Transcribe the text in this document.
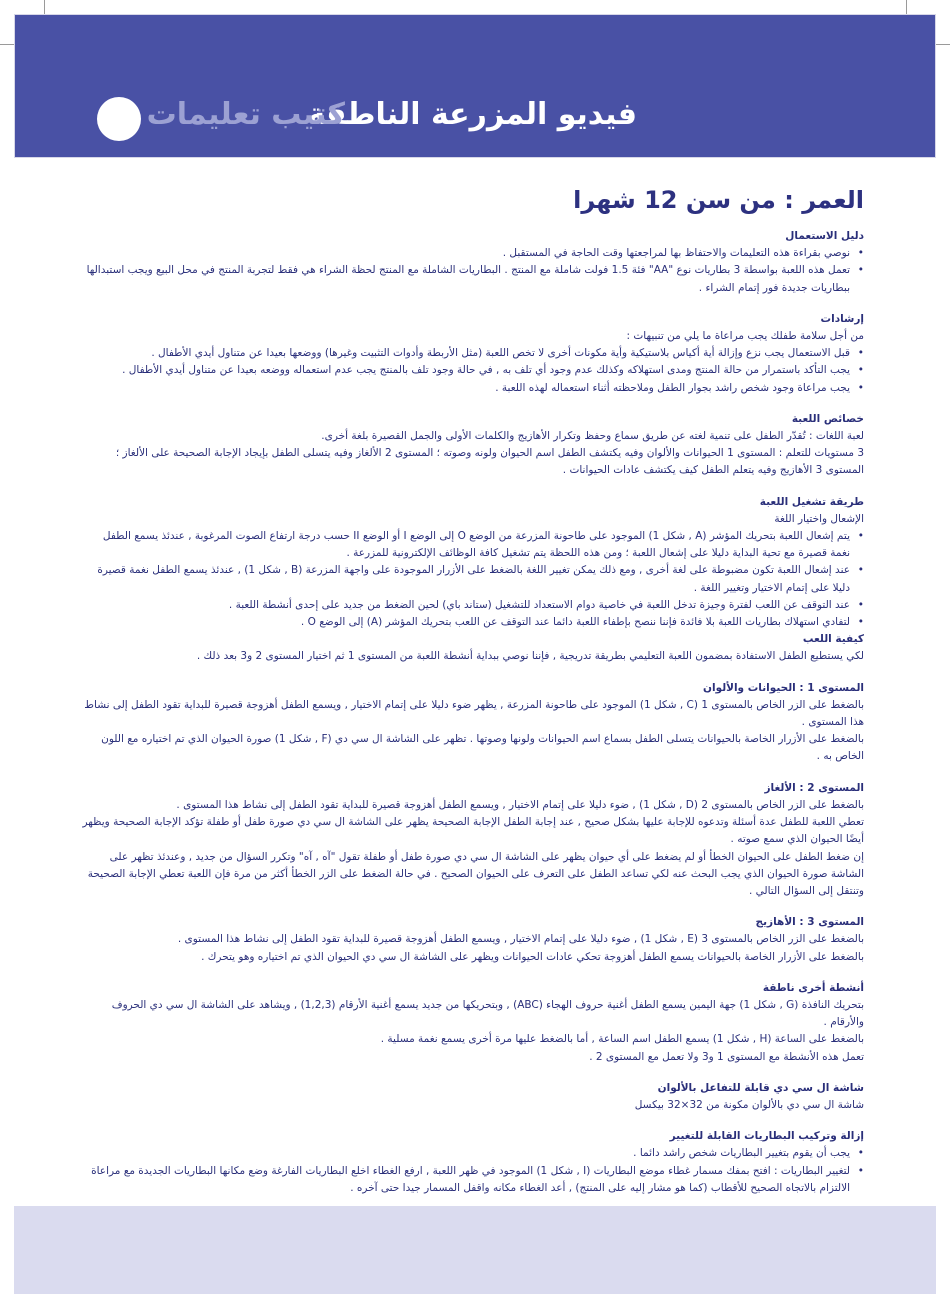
فيديو المزرعة الناطقة
كتيب تعليمات
العمر : من سن 12 شهرا

دليل الاستعمال

• نوصي بقراءة هذه التعليمات والاحتفاظ بها لمراجعتها وقت الحاجة في المستقبل .
• تعمل هذه اللعبة بواسطة 3 بطاريات نوع "AA" فئة 1.5 فولت شاملة مع المنتج . البطاريات الشاملة مع المنتج لحظة الشراء هي فقط لتجربة المنتج في محل البيع ويجب استبدالها ببطاريات جديدة فور إتمام الشراء .

إرشادات

من أجل سلامة طفلك يجب مراعاة ما يلي من تنبيهات :

• قبل الاستعمال يجب نزع وإزالة أية أكياس بلاستيكية وأية مكونات أخرى لا تخص اللعبة (مثل الأربطة وأدوات التثبيت وغيرها) ووضعها بعيدا عن متناول أيدي الأطفال .
• يجب التأكد باستمرار من حالة المنتج ومدى استهلاكه وكذلك عدم وجود أي تلف به , في حالة وجود تلف بالمنتج يجب عدم استعماله ووضعه بعيدا عن متناول أيدي الأطفال .
• يجب مراعاة وجود شخص راشد بجوار الطفل وملاحظته أثناء استعماله لهذه اللعبة .

خصائص اللعبة

لعبة اللغات : تُقدّر الطفل على تنمية لغته عن طريق سماع وحفظ وتكرار الأهازيج والكلمات الأولى والجمل القصيرة بلغة أخرى.

3 مستويات للتعلم : المستوى 1 الحيوانات والألوان وفيه يكتشف الطفل اسم الحيوان ولونه وصوته ؛ المستوى 2 الألغاز وفيه يتسلى الطفل بإيجاد الإجابة الصحيحة على الألغاز ؛ المستوى 3 الأهازيج وفيه يتعلم الطفل كيف يكتشف عادات الحيوانات .

طريقة تشغيل اللعبة

الإشعال واختيار اللغة

• يتم إشعال اللعبة بتحريك المؤشر (A , شكل 1) الموجود على طاحونة المزرعة من الوضع O إلى الوضع I أو الوضع II حسب درجة ارتفاع الصوت المرغوبة , عندئذ يسمع الطفل نغمة قصيرة مع تحية البداية دليلا على إشعال اللعبة ؛ ومن هذه اللحظة يتم تشغيل كافة الوظائف الإلكترونية للمزرعة .
• عند إشعال اللعبة تكون مضبوطة على لغة أخرى , ومع ذلك يمكن تغيير اللغة بالضغط على الأزرار الموجودة على واجهة المزرعة (B , شكل 1) , عندئذ يسمع الطفل نغمة قصيرة دليلا على إتمام الاختيار وتغيير اللغة .
• عند التوقف عن اللعب لفترة وجيزة تدخل اللعبة في خاصية دوام الاستعداد للتشغيل (ستاند باي) لحين الضغط من جديد على إحدى أنشطة اللعبة .
• لتفادي استهلاك بطاريات اللعبة بلا فائدة فإننا ننصح بإطفاء اللعبة دائما عند التوقف عن اللعب بتحريك المؤشر (A) إلى الوضع O .

كيفية اللعب

لكي يستطيع الطفل الاستفادة بمضمون اللعبة التعليمي بطريقة تدريجية , فإننا نوصي ببداية أنشطة اللعبة من المستوى 1 ثم اختيار المستوى 2 و3 بعد ذلك .

المستوى 1 : الحيوانات والألوان

بالضغط على الزر الخاص بالمستوى 1 (C , شكل 1) الموجود على طاحونة المزرعة , يظهر ضوء دليلا على إتمام الاختيار , ويسمع الطفل أهزوجة قصيرة للبداية تقود الطفل إلى نشاط هذا المستوى .

بالضغط على الأزرار الخاصة بالحيوانات يتسلى الطفل بسماع اسم الحيوانات ولونها وصوتها . تظهر على الشاشة ال سي دي (F , شكل 1) صورة الحيوان الذي تم اختياره مع اللون الخاص به .

المستوى 2 : الألغاز

بالضغط على الزر الخاص بالمستوى 2 (D , شكل 1) , ضوء دليلا على إتمام الاختيار , ويسمع الطفل أهزوجة قصيرة للبداية تقود الطفل إلى نشاط هذا المستوى .

تعطي اللعبة للطفل عدة أسئلة وتدعوه للإجابة عليها بشكل صحيح , عند إجابة الطفل الإجابة الصحيحة يظهر على الشاشة ال سي دي صورة طفل أو طفلة تؤكد الإجابة الصحيحة ويظهر أيضًا الحيوان الذي سمع صوته .

إن ضغط الطفل على الحيوان الخطأ أو لم يضغط على أي حيوان يظهر على الشاشة ال سي دي صورة طفل أو طفلة تقول "آه , آه" وتكرر السؤال من جديد , وعندئذ تظهر على الشاشة صورة الحيوان الذي يجب البحث عنه لكي تساعد الطفل على التعرف على الحيوان الصحيح . في حالة الضغط على الزر الخطأ أكثر من مرة فإن اللعبة تعطي الإجابة الصحيحة وتنتقل إلى السؤال التالي .

المستوى 3 : الأهازيج

بالضغط على الزر الخاص بالمستوى 3 (E , شكل 1) , ضوء دليلا على إتمام الاختيار , ويسمع الطفل أهزوجة قصيرة للبداية تقود الطفل إلى نشاط هذا المستوى .

بالضغط على الأزرار الخاصة بالحيوانات يسمع الطفل أهزوجة تحكي عادات الحيوانات ويظهر على الشاشة ال سي دي الحيوان الذي تم اختياره وهو يتحرك .

أنشطة أخرى ناطقة

بتحريك النافذة (G , شكل 1) جهة اليمين يسمع الطفل أغنية حروف الهجاء (ABC) , وبتحريكها من جديد يسمع أغنية الأرقام (1,2,3) , ويشاهد على الشاشة ال سي دي الحروف والأرقام .

بالضغط على الساعة (H , شكل 1) يسمع الطفل اسم الساعة , أما بالضغط عليها مرة أخرى يسمع نغمة مسلية .

تعمل هذه الأنشطة مع المستوى 1 و3 ولا تعمل مع المستوى 2 .

شاشة ال سي دي قابلة للتفاعل بالألوان

شاشة ال سي دي بالألوان مكونة من 32×32 بيكسل

إزالة وتركيب البطاريات القابلة للتغيير

• يجب أن يقوم بتغيير البطاريات شخص راشد دائما .
• لتغيير البطاريات : افتح بمفك مسمار غطاء موضع البطاريات (I , شكل 1) الموجود في ظهر اللعبة , ارفع الغطاء اخلع البطاريات الفارغة وضع مكانها البطاريات الجديدة مع مراعاة الالتزام بالاتجاه الصحيح للأقطاب (كما هو مشار إليه على المنتج) , أعد الغطاء مكانه واقفل المسمار جيدا حتى آخره .
